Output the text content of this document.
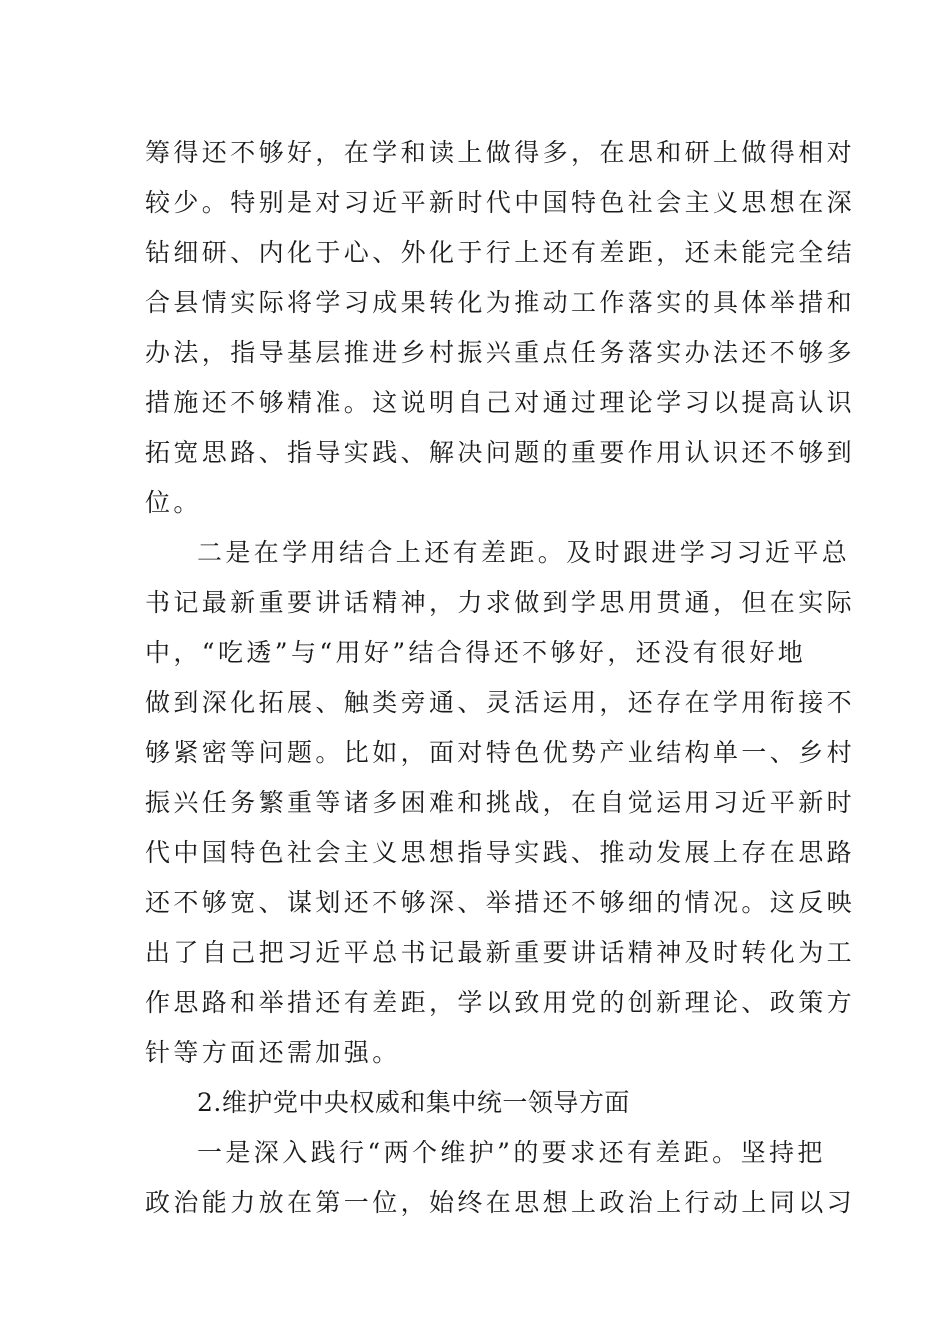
筹得还不够好，在学和读上做得多，在思和研上做得相对
较少。特别是对习近平新时代中国特色社会主义思想在深
钻细研、内化于心、外化于行上还有差距，还未能完全结
合县情实际将学习成果转化为推动工作落实的具体举措和
办法，指导基层推进乡村振兴重点任务落实办法还不够多
措施还不够精准。这说明自己对通过理论学习以提高认识
拓宽思路、指导实践、解决问题的重要作用认识还不够到
位。
二是在学用结合上还有差距。及时跟进学习习近平总
书记最新重要讲话精神，力求做到学思用贯通，但在实际
中，“吃透”与“用好”结合得还不够好，还没有很好地
做到深化拓展、触类旁通、灵活运用，还存在学用衔接不
够紧密等问题。比如，面对特色优势产业结构单一、乡村
振兴任务繁重等诸多困难和挑战，在自觉运用习近平新时
代中国特色社会主义思想指导实践、推动发展上存在思路
还不够宽、谋划还不够深、举措还不够细的情况。这反映
出了自己把习近平总书记最新重要讲话精神及时转化为工
作思路和举措还有差距，学以致用党的创新理论、政策方
针等方面还需加强。
2.维护党中央权威和集中统一领导方面
一是深入践行“两个维护”的要求还有差距。坚持把
政治能力放在第一位，始终在思想上政治上行动上同以习
